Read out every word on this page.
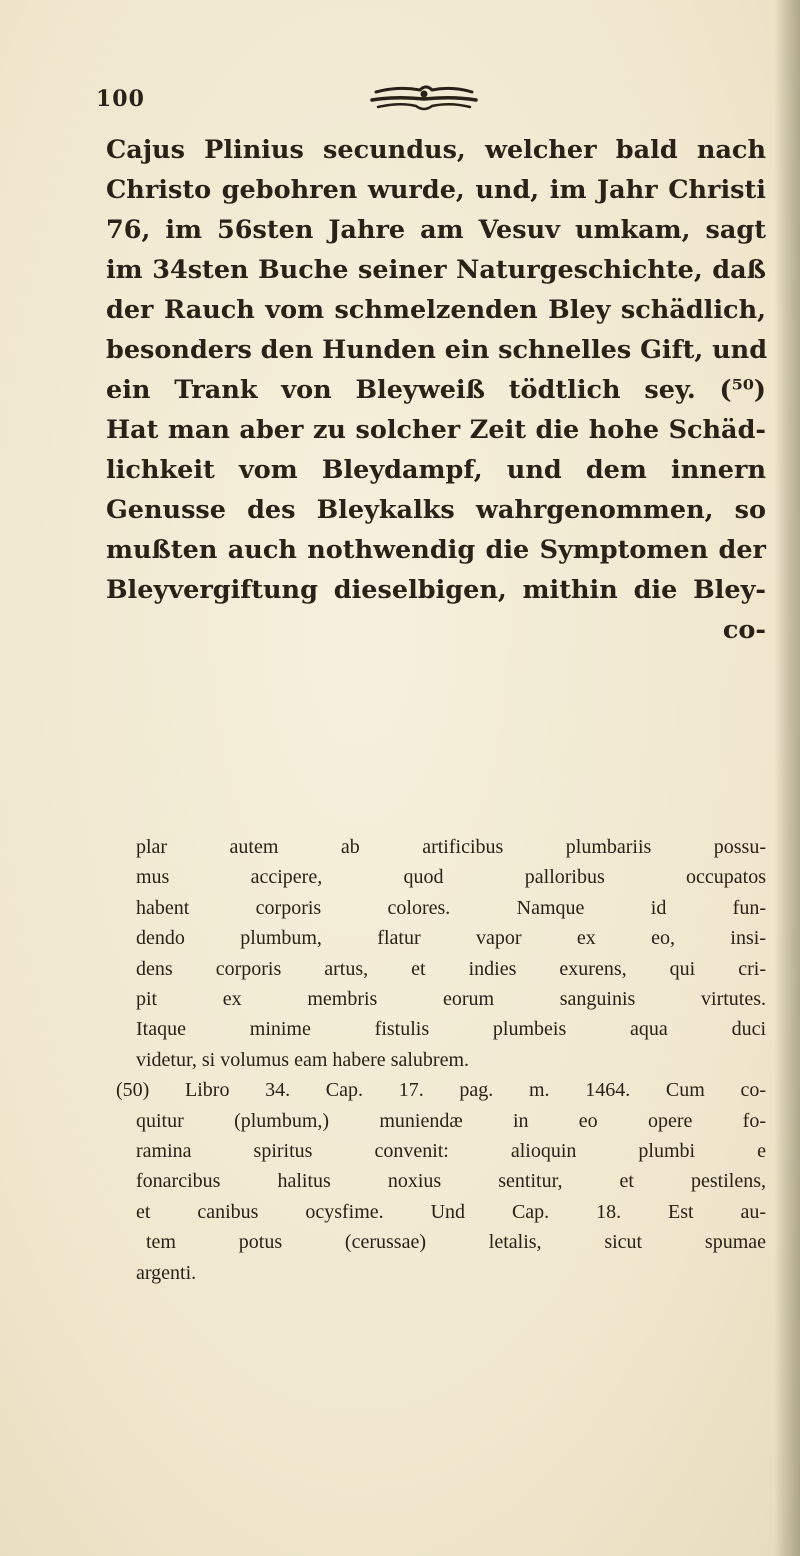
100
Cajus Plinius secundus, welcher bald nach
Christo gebohren wurde, und, im Jahr Christi
76, im 56sten Jahre am Vesuv umkam, sagt
im 34sten Buche seiner Naturgeschichte, daß
der Rauch vom schmelzenden Bley schädlich,
besonders den Hunden ein schnelles Gift, und
ein Trank von Bleyweiß tödtlich sey. (⁵⁰)
Hat man aber zu solcher Zeit die hohe Schäd-
lichkeit vom Bleydampf, und dem innern
Genusse des Bleykalks wahrgenommen, so
mußten auch nothwendig die Symptomen der
Bleyvergiftung dieselbigen, mithin die Bley-
co-
plar autem ab artificibus plumbariis possu-
mus accipere, quod palloribus occupatos
habent corporis colores. Namque id fun-
dendo plumbum, flatur vapor ex eo, insi-
dens corporis artus, et indies exurens, qui cri-
pit ex membris eorum sanguinis virtutes.
Itaque minime fistulis plumbeis aqua duci
videtur, si volumus eam habere salubrem.
(50) Libro 34. Cap. 17. pag. m. 1464. Cum co-
quitur (plumbum,) muniendæ in eo opere fo-
ramina spiritus convenit: alioquin plumbi e
fonarcibus halitus noxius sentitur, et pestilens,
et canibus ocysfime. Und Cap. 18. Est au-
tem potus (cerussae) letalis, sicut spumae
argenti.
